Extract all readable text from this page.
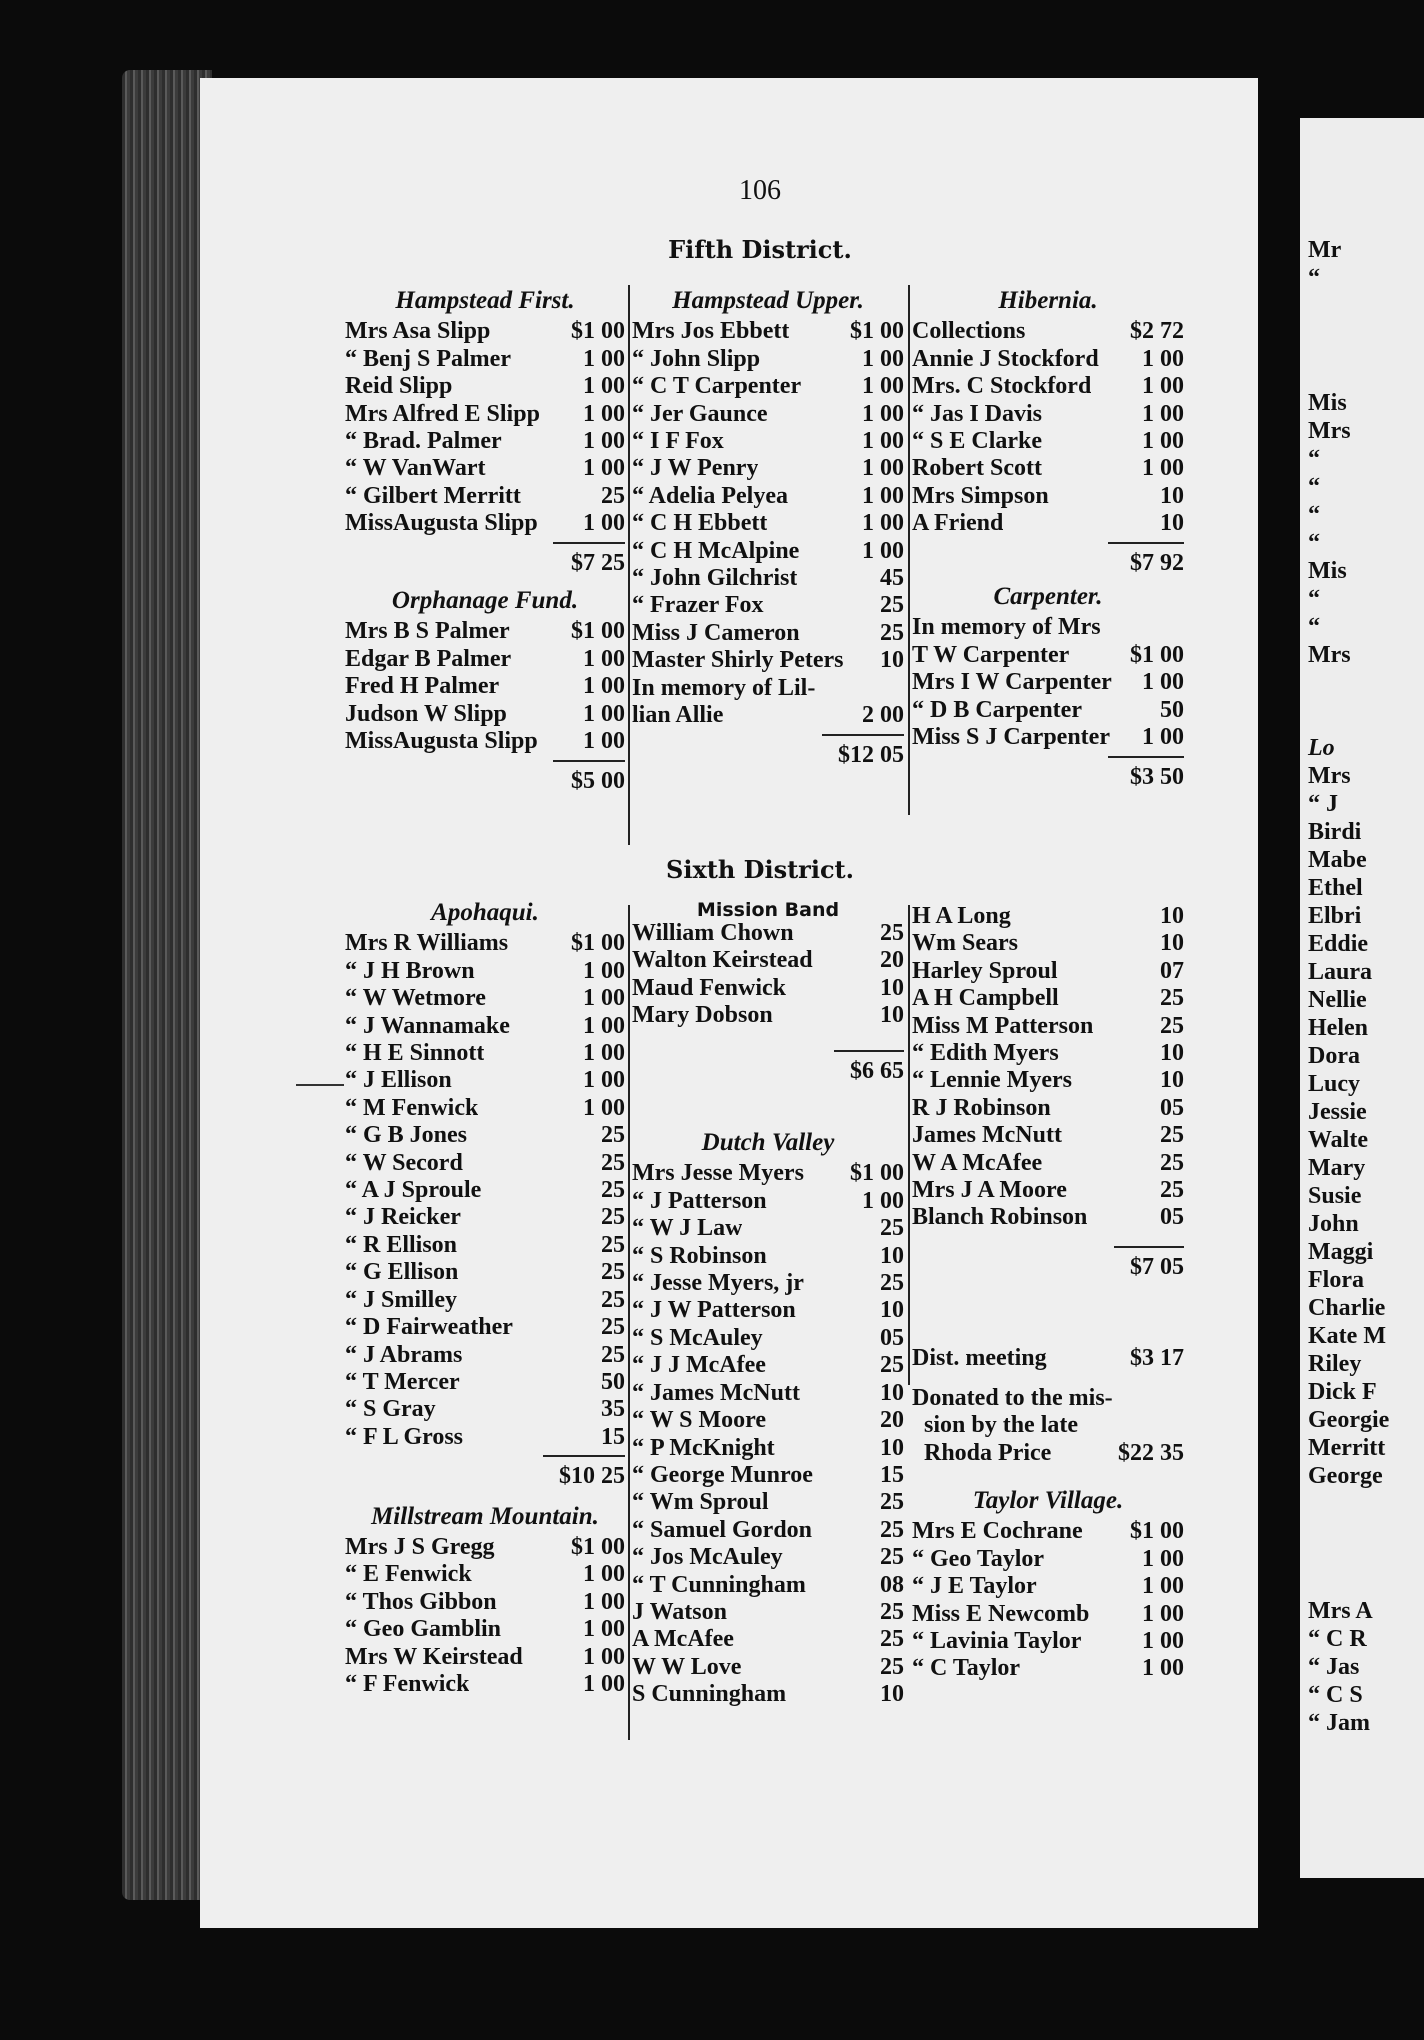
106
Fifth District.
Sixth District.
Hampstead First.
Mrs Asa Slipp	$1 00
“ Benj S Palmer	1 00
Reid Slipp	1 00
Mrs Alfred E Slipp 1 00
“ Brad. Palmer	1 00
“ W VanWart	1 00
“ Gilbert Merritt	25
MissAugusta Slipp 1 00
$7 25
Orphanage Fund.
Mrs B S Palmer	$1 00
Edgar B Palmer	1 00
Fred H Palmer	1 00
Judson W Slipp	1 00
MissAugusta Slipp 1 00
$5 00
Hampstead Upper.
Mrs Jos Ebbett	$1 00
“ John Slipp	1 00
“ C T Carpenter	1 00
“ Jer Gaunce	1 00
“ I F Fox	1 00
“ J W Penry	1 00
“ Adelia Pelyea	1 00
“ C H Ebbett	1 00
“ C H McAlpine	1 00
“ John Gilchrist	45
“ Frazer Fox	25
Miss J Cameron	25
Master Shirly Peters 10
In memory of Lil-
lian Allie	2 00
$12 05
Hibernia.
Collections	$2 72
Annie J Stockford 1 00
Mrs. C Stockford 1 00
“ Jas I Davis	1 00
“ S E Clarke	1 00
Robert Scott	1 00
Mrs Simpson	10
A Friend	10
$7 92
Carpenter.
In memory of Mrs
T W Carpenter	$1 00
Mrs I W Carpenter 1 00
“ D B Carpenter	50
Miss S J Carpenter 1 00
$3 50
Apohaqui.
Mrs R Williams	$1 00
“ J H Brown	1 00
“ W Wetmore	1 00
“ J Wannamake	1 00
“ H E Sinnott	1 00
“ J Ellison	1 00
“ M Fenwick	1 00
“ G B Jones	25
“ W Secord	25
“ A J Sproule	25
“ J Reicker	25
“ R Ellison	25
“ G Ellison	25
“ J Smilley	25
“ D Fairweather	25
“ J Abrams	25
“ T Mercer	50
“ S Gray	35
“ F L Gross	15
$10 25
Millstream Mountain.
Mrs J S Gregg	$1 00
“ E Fenwick	1 00
“ Thos Gibbon	1 00
“ Geo Gamblin	1 00
Mrs W Keirstead	1 00
“ F Fenwick	1 00
Mission Band
William Chown	25
Walton Keirstead	20
Maud Fenwick	10
Mary Dobson	10
$6 65
Dutch Valley
Mrs Jesse Myers $1 00
“ J Patterson	1 00
“ W J Law	25
“ S Robinson	10
“ Jesse Myers, jr	25
“ J W Patterson	10
“ S McAuley	05
“ J J McAfee	25
“ James McNutt	10
“ W S Moore	20
“ P McKnight	10
“ George Munroe	15
“ Wm Sproul	25
“ Samuel Gordon	25
“ Jos McAuley	25
“ T Cunningham	08
J Watson	25
A McAfee	25
W W Love	25
S Cunningham	10
H A Long	10
Wm Sears	10
Harley Sproul	07
A H Campbell	25
Miss M Patterson	25
“ Edith Myers	10
“ Lennie Myers	10
R J Robinson	05
James McNutt	25
W A McAfee	25
Mrs J A Moore	25
Blanch Robinson	05
$7 05
Dist. meeting	$3 17
Donated to the mis-
sion by the late
Rhoda Price	$22 35
Taylor Village.
Mrs E Cochrane $1 00
“ Geo Taylor	1 00
“ J E Taylor	1 00
Miss E Newcomb 1 00
“ Lavinia Taylor	1 00
“ C Taylor	1 00
Mr
“
Mis
Mrs
“
“
“
“
Mis
“
“
Mrs
Lo
Mrs
“ J
Birdi
Mabe
Ethel
Elbri
Eddie
Laura
Nellie
Helen
Dora
Lucy
Jessie
Walte
Mary
Susie
John
Maggi
Flora
Charlie
Kate M
Riley
Dick F
Georgie
Merritt
George
Mrs A
“ C R
“ Jas
“ C S
“ Jam
